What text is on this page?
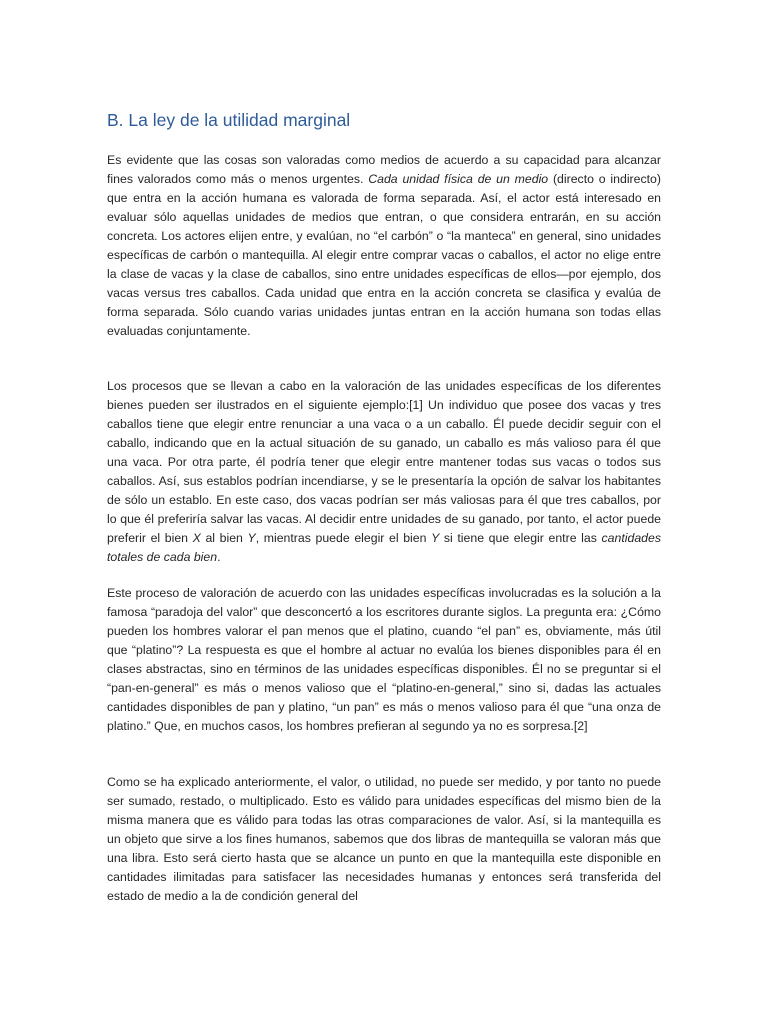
B. La ley de la utilidad marginal

Es evidente que las cosas son valoradas como medios de acuerdo a su capacidad para alcanzar fines valorados como más o menos urgentes. Cada unidad física de un medio (directo o indirecto) que entra en la acción humana es valorada de forma separada. Así, el actor está interesado en evaluar sólo aquellas unidades de medios que entran, o que considera entrarán, en su acción concreta. Los actores elijen entre, y evalúan, no “el carbón” o “la manteca” en general, sino unidades específicas de carbón o mantequilla. Al elegir entre comprar vacas o caballos, el actor no elige entre la clase de vacas y la clase de caballos, sino entre unidades específicas de ellos—por ejemplo, dos vacas versus tres caballos. Cada unidad que entra en la acción concreta se clasifica y evalúa de forma separada. Sólo cuando varias unidades juntas entran en la acción humana son todas ellas evaluadas conjuntamente.

Los procesos que se llevan a cabo en la valoración de las unidades específicas de los diferentes bienes pueden ser ilustrados en el siguiente ejemplo:[1] Un individuo que posee dos vacas y tres caballos tiene que elegir entre renunciar a una vaca o a un caballo. Él puede decidir seguir con el caballo, indicando que en la actual situación de su ganado, un caballo es más valioso para él que una vaca. Por otra parte, él podría tener que elegir entre mantener todas sus vacas o todos sus caballos. Así, sus establos podrían incendiarse, y se le presentaría la opción de salvar los habitantes de sólo un establo. En este caso, dos vacas podrían ser más valiosas para él que tres caballos, por lo que él preferiría salvar las vacas. Al decidir entre unidades de su ganado, por tanto, el actor puede preferir el bien X al bien Y, mientras puede elegir el bien Y si tiene que elegir entre las cantidades totales de cada bien.

Este proceso de valoración de acuerdo con las unidades específicas involucradas es la solución a la famosa “paradoja del valor” que desconcertó a los escritores durante siglos. La pregunta era: ¿Cómo pueden los hombres valorar el pan menos que el platino, cuando “el pan” es, obviamente, más útil que “platino”? La respuesta es que el hombre al actuar no evalúa los bienes disponibles para él en clases abstractas, sino en términos de las unidades específicas disponibles. Él no se preguntar si el “pan-en-general” es más o menos valioso que el “platino-en-general,” sino si, dadas las actuales cantidades disponibles de pan y platino, “un pan” es más o menos valioso para él que “una onza de platino.” Que, en muchos casos, los hombres prefieran al segundo ya no es sorpresa.[2]

Como se ha explicado anteriormente, el valor, o utilidad, no puede ser medido, y por tanto no puede ser sumado, restado, o multiplicado. Esto es válido para unidades específicas del mismo bien de la misma manera que es válido para todas las otras comparaciones de valor. Así, si la mantequilla es un objeto que sirve a los fines humanos, sabemos que dos libras de mantequilla se valoran más que una libra. Esto será cierto hasta que se alcance un punto en que la mantequilla este disponible en cantidades ilimitadas para satisfacer las necesidades humanas y entonces será transferida del estado de medio a la de condición general del
